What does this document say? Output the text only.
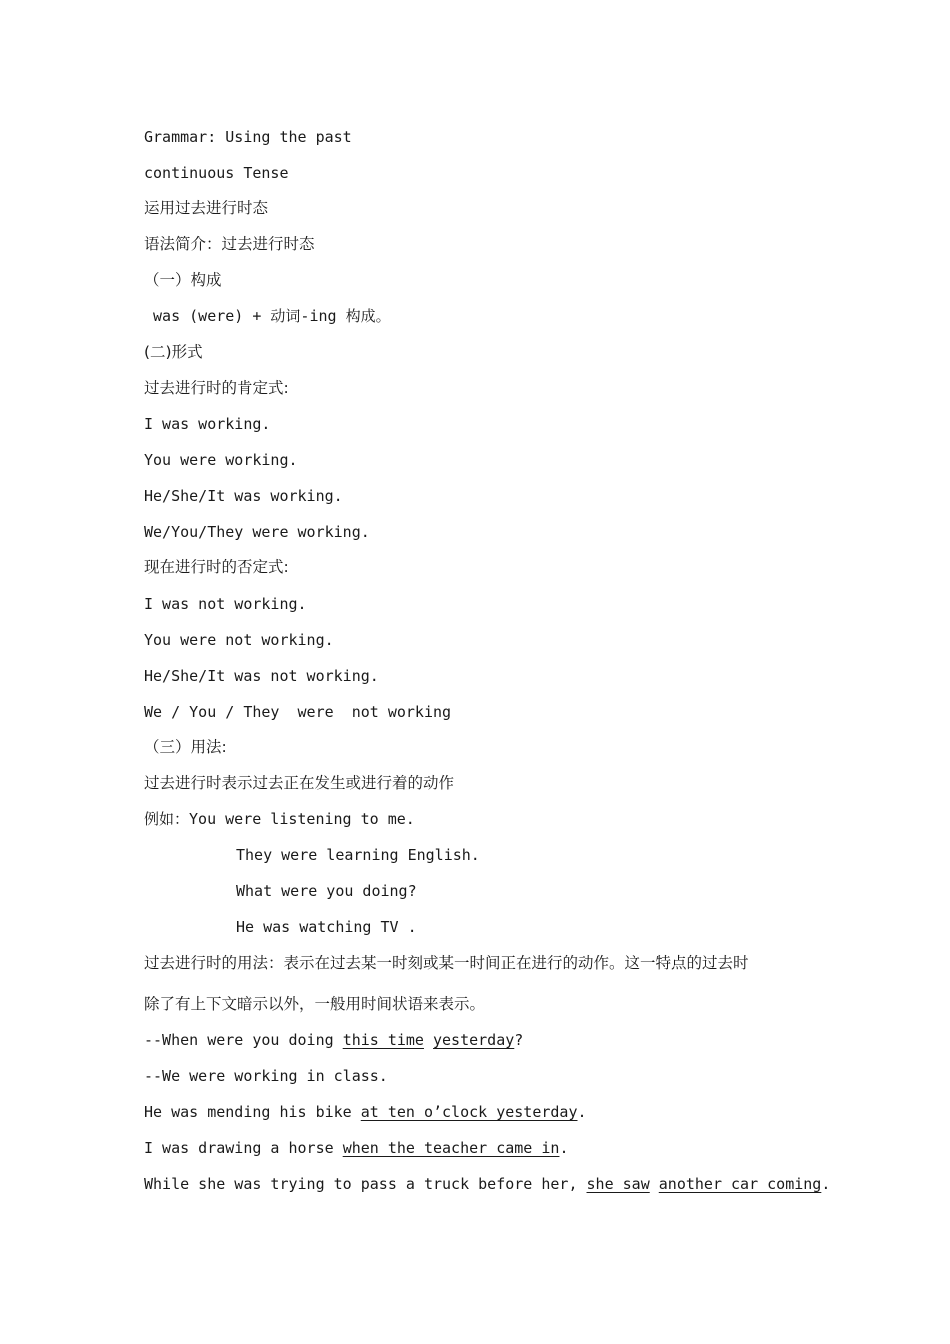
Grammar: Using the past
continuous Tense
运用过去进行时态
语法简介：过去进行时态
（一）构成
was (were) + 动词-ing 构成。
(二)形式
过去进行时的肯定式:
I was working.
You were working.
He/She/It was working.
We/You/They were working.
现在进行时的否定式:
I was not working.
You were not working.
He/She/It was not working.
We / You / They  were  not working
（三）用法:
过去进行时表示过去正在发生或进行着的动作
例如：You were listening to me.
They were learning English.
What were you doing?
He was watching TV .
过去进行时的用法：表示在过去某一时刻或某一时间正在进行的动作。这一特点的过去时
除了有上下文暗示以外，一般用时间状语来表示。
--When were you doing this time yesterday?
--We were working in class.
He was mending his bike at ten o’clock yesterday.
I was drawing a horse when the teacher came in.
While she was trying to pass a truck before her, she saw another car coming.
